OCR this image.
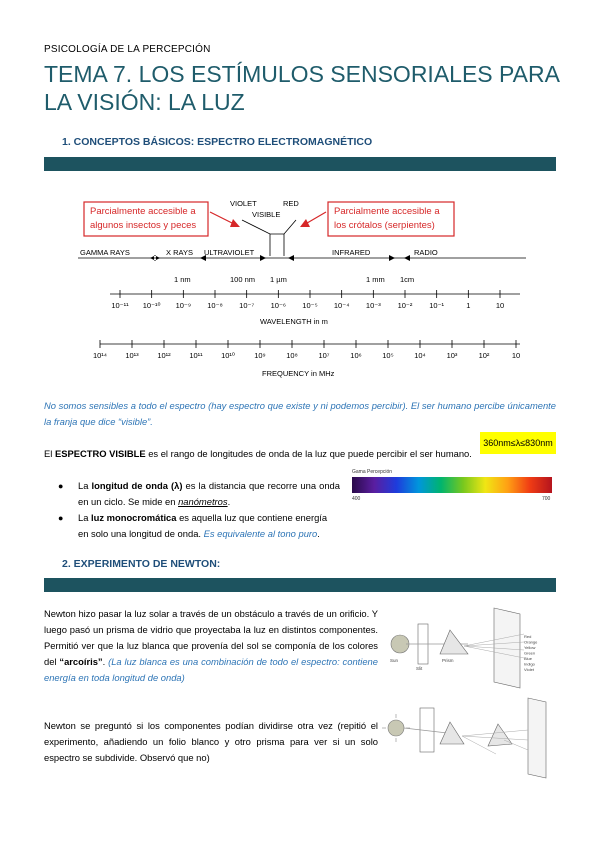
PSICOLOGÍA DE LA PERCEPCIÓN
TEMA 7. LOS ESTÍMULOS SENSORIALES PARA LA VISIÓN: LA LUZ
1. CONCEPTOS BÁSICOS: ESPECTRO ELECTROMAGNÉTICO
Parcialmente accesible a
algunos insectos y peces
Parcialmente accesible a
los crótalos (serpientes)
VIOLET	RED
VISIBLE
GAMMA RAYS	X RAYS ULTRAVIOLET	INFRARED	RADIO
1 nm	100 nm 1 µm	1 mm 1cm
10⁻¹¹ 10⁻¹⁰ 10⁻⁹ 10⁻⁸ 10⁻⁷ 10⁻⁶ 10⁻⁵ 10⁻⁴ 10⁻³ 10⁻² 10⁻¹	1	10
WAVELENGTH in m
10¹⁴ 10¹³ 10¹² 10¹¹ 10¹⁰	10⁹	10⁸	10⁷	10⁶	10⁵	10⁴	10³	10²	10
FREQUENCY in MHz
No somos sensibles a todo el espectro (hay espectro que existe y ni podemos percibir). El ser humano percibe únicamente la franja que dice “visible”.
El ESPECTRO VISIBLE es el rango de longitudes de onda de la luz que puede percibir el ser humano.
360nm≤λ≤830nm
● La longitud de onda (λ) es la distancia que recorre una onda en un ciclo. Se mide en nanómetros.
● La luz monocromática es aquella luz que contiene energía en solo una longitud de onda. Es equivalente al tono puro.
Gama Percepción
400	700
2. EXPERIMENTO DE NEWTON:
Newton hizo pasar la luz solar a través de un obstáculo a través de un orificio. Y luego pasó un prisma de vidrio que proyectaba la luz en distintos componentes. Permitió ver que la luz blanca que provenía del sol se componía de los colores del “arcoíris”. (La luz blanca es una combinación de todo el espectro: contiene energía en toda longitud de onda)
Newton se preguntó si los componentes podían dividirse otra vez (repitió el experimento, añadiendo un folio blanco y otro prisma para ver si un solo espectro se subdivide. Observó que no)
Sun
Slit
Prism
Red
Orange
Yellow
Green
Blue
Indigo
Violet
